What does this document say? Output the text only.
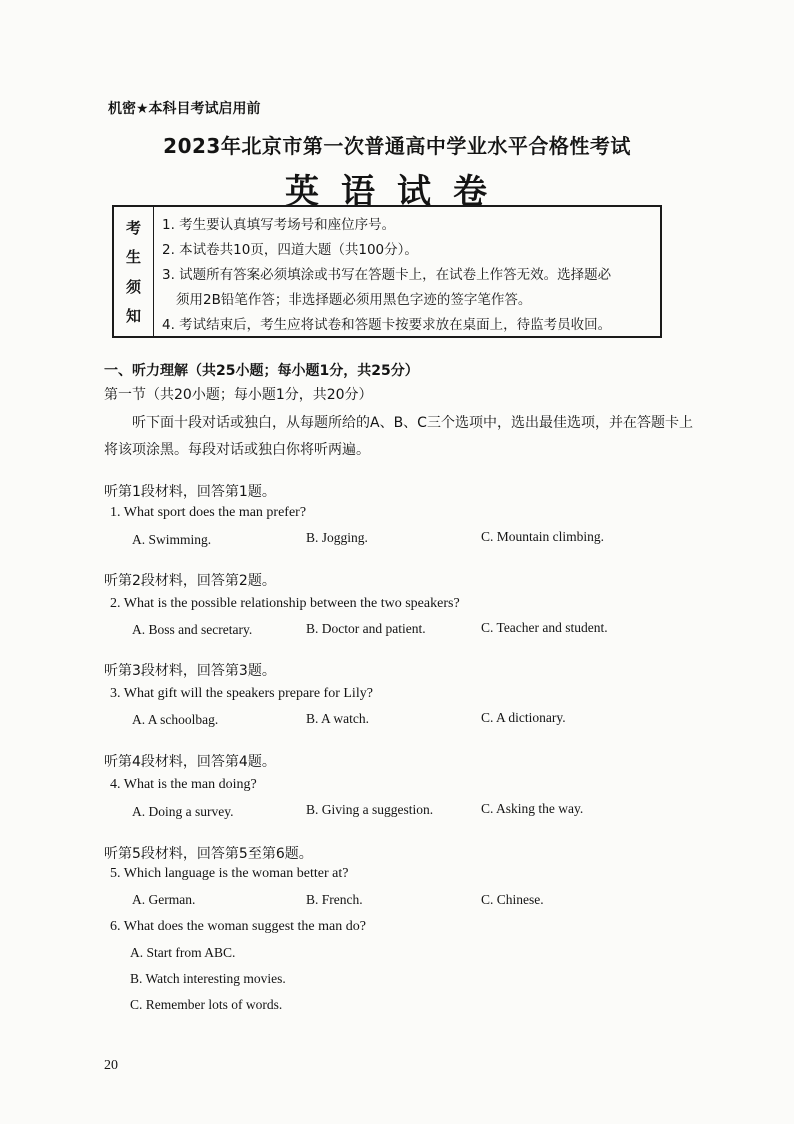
机密★本科目考试启用前
2023年北京市第一次普通高中学业水平合格性考试
英语试卷
考
生
须
知
1. 考生要认真填写考场号和座位序号。
2. 本试卷共10页，四道大题（共100分）。
3. 试题所有答案必须填涂或书写在答题卡上，在试卷上作答无效。选择题必
须用2B铅笔作答；非选择题必须用黑色字迹的签字笔作答。
4. 考试结束后，考生应将试卷和答题卡按要求放在桌面上，待监考员收回。
一、听力理解（共25小题；每小题1分，共25分）
第一节（共20小题；每小题1分，共20分）
听下面十段对话或独白，从每题所给的A、B、C三个选项中，选出最佳选项，并在答题卡上将该项涂黑。每段对话或独白你将听两遍。
听第1段材料，回答第1题。
1. What sport does the man prefer?
A. Swimming.	B. Jogging.	C. Mountain climbing.
听第2段材料，回答第2题。
2. What is the possible relationship between the two speakers?
A. Boss and secretary.	B. Doctor and patient.	C. Teacher and student.
听第3段材料，回答第3题。
3. What gift will the speakers prepare for Lily?
A. A schoolbag.	B. A watch.	C. A dictionary.
听第4段材料，回答第4题。
4. What is the man doing?
A. Doing a survey.	B. Giving a suggestion.	C. Asking the way.
听第5段材料，回答第5至第6题。
5. Which language is the woman better at?
A. German.	B. French.	C. Chinese.
6. What does the woman suggest the man do?
A. Start from ABC.
B. Watch interesting movies.
C. Remember lots of words.
20
